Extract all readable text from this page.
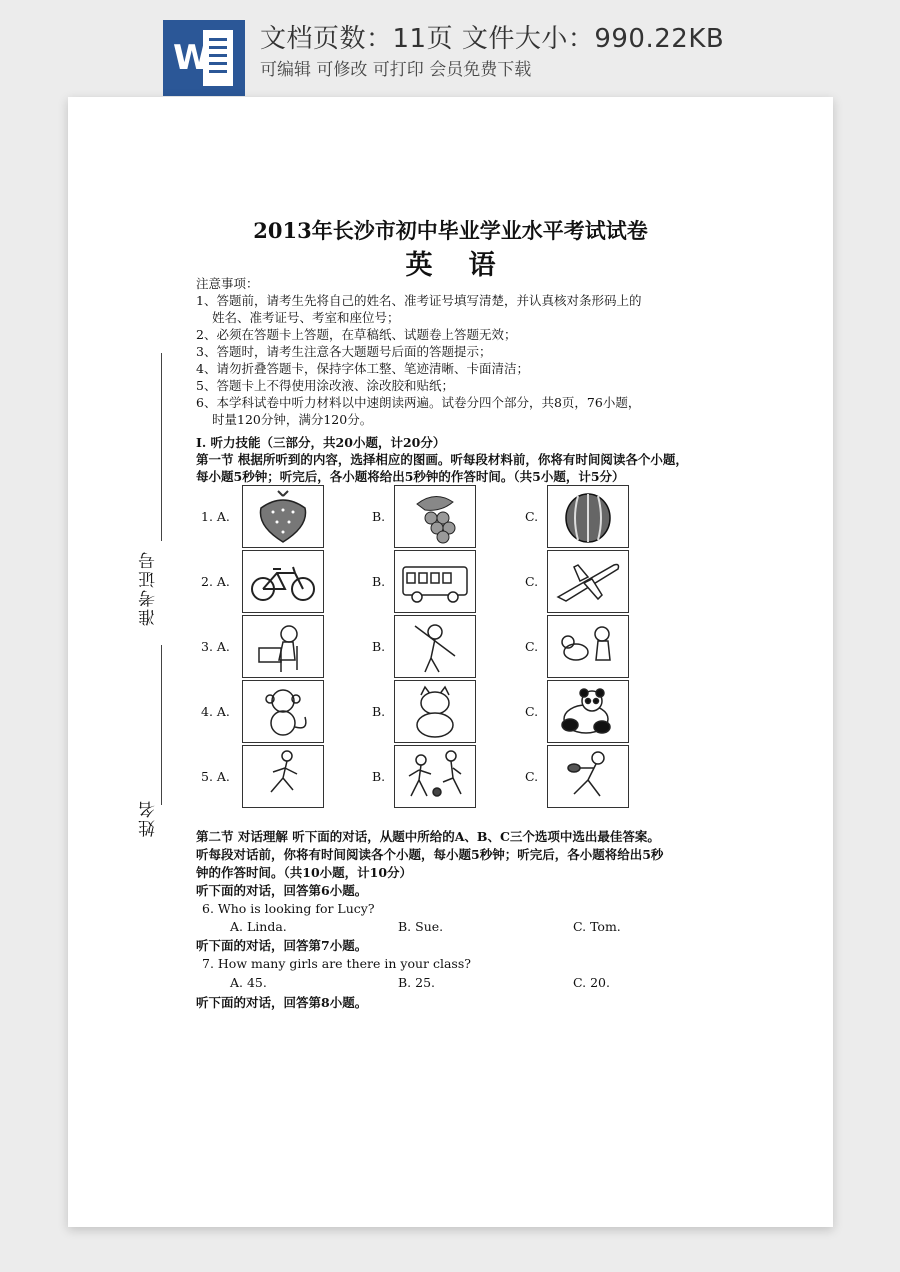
W 文档页数：11页 文件大小：990.22KB
可编辑 可修改 可打印 会员免费下载
2013年长沙市初中毕业学业水平考试试卷
英语
注意事项：
1、答题前，请考生先将自己的姓名、准考证号填写清楚，并认真核对条形码上的
姓名、准考证号、考室和座位号；
2、必须在答题卡上答题，在草稿纸、试题卷上答题无效；
3、答题时，请考生注意各大题题号后面的答题提示；
4、请勿折叠答题卡，保持字体工整、笔迹清晰、卡面清洁；
5、答题卡上不得使用涂改液、涂改胶和贴纸；
6、本学科试卷中听力材料以中速朗读两遍。试卷分四个部分，共8页，76小题，
时量120分钟，满分120分。
准考证号
姓名
I. 听力技能（三部分，共20小题，计20分）
第一节 根据所听到的内容，选择相应的图画。听每段材料前，你将有时间阅读各个小题，
每小题5秒钟；听完后，各小题将给出5秒钟的作答时间。（共5小题，计5分）
1. A.	B.	C.
2. A.	B.	C.
3. A.	B.	C.
4. A.	B.	C.
5. A.	B.	C.
第二节 对话理解 听下面的对话，从题中所给的A、B、C三个选项中选出最佳答案。
听每段对话前，你将有时间阅读各个小题，每小题5秒钟；听完后，各小题将给出5秒
钟的作答时间。（共10小题，计10分）
听下面的对话，回答第6小题。
6. Who is looking for Lucy?
A. Linda.	B. Sue.	C. Tom.
听下面的对话，回答第7小题。
7. How many girls are there in your class?
A. 45.	B. 25.	C. 20.
听下面的对话，回答第8小题。
